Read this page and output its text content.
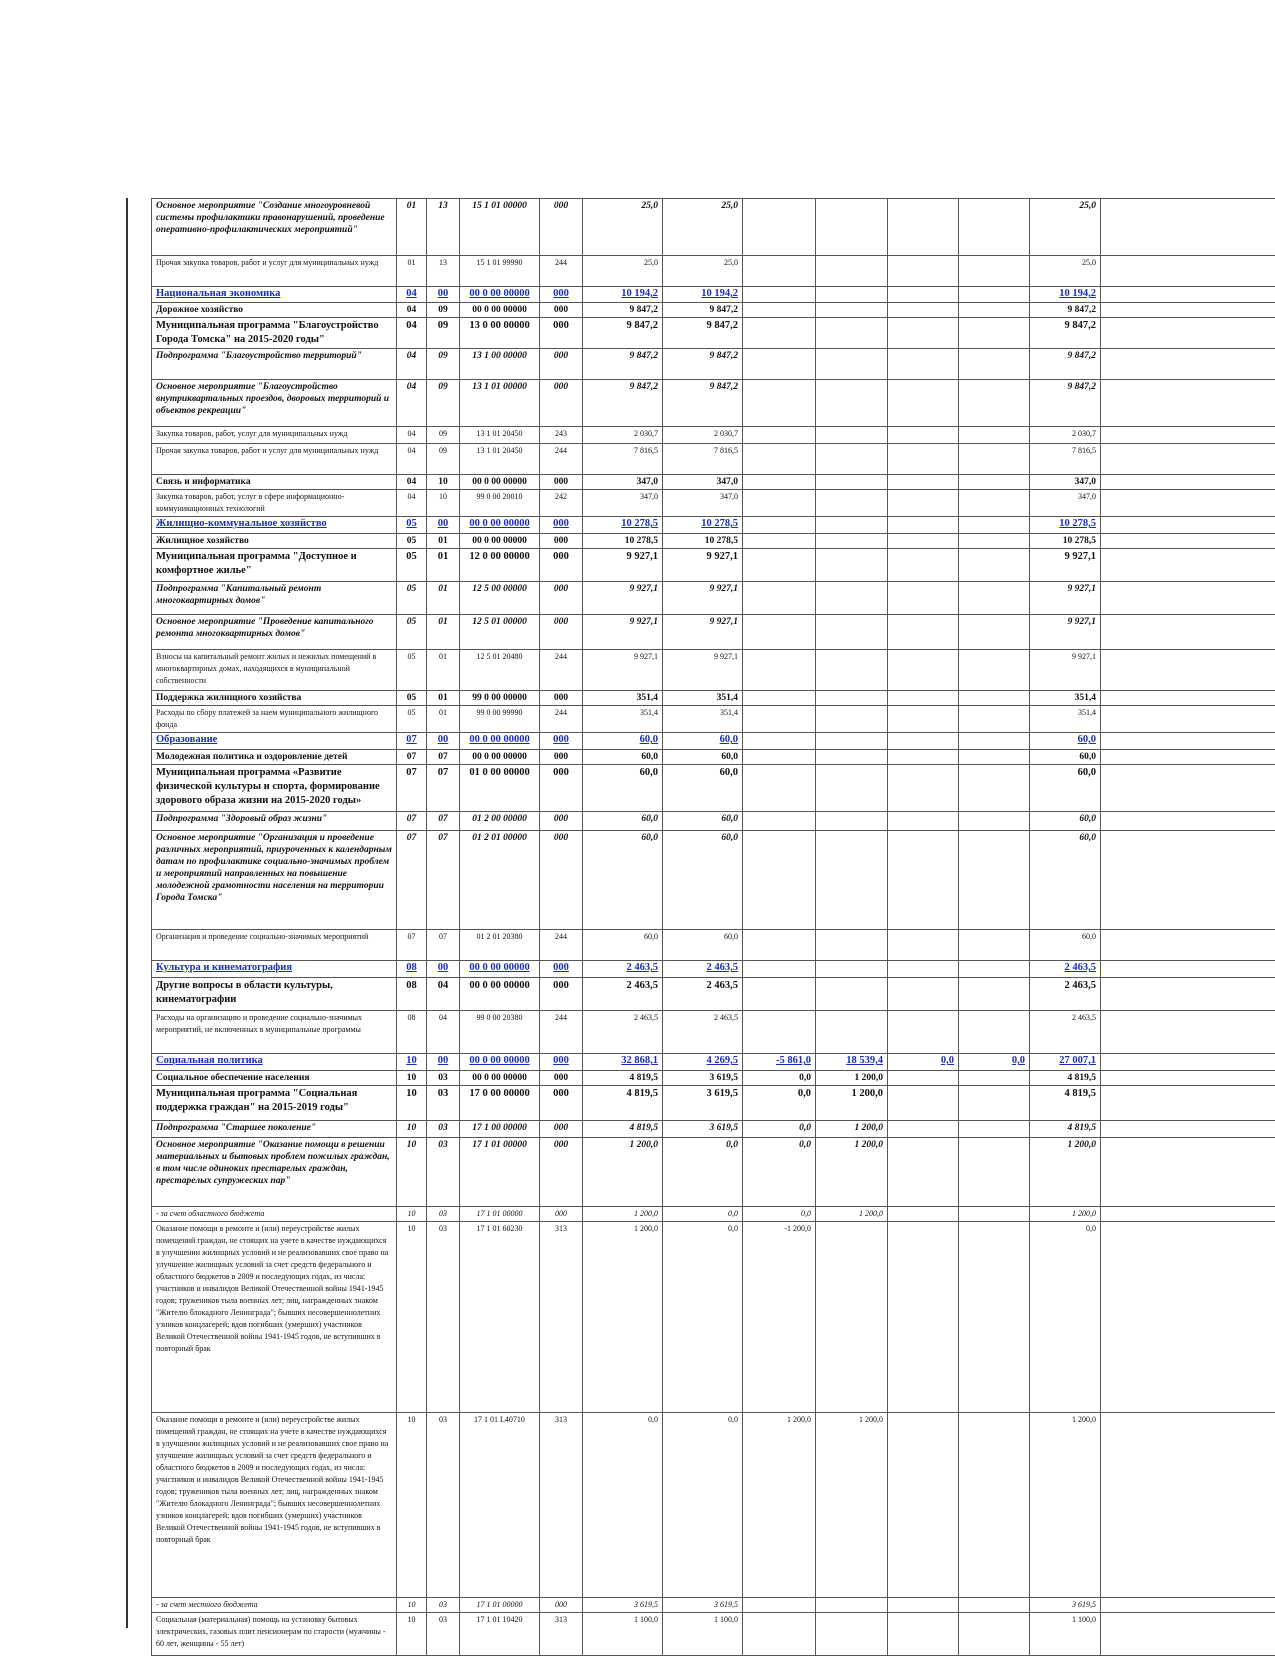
Основное мероприятие "Создание многоуровневой системы профилактики правонарушений, проведение оперативно-профилактических мероприятий"	01	13	15 1 01 00000	000	25,0	25,0					25,0	
Прочая закупка товаров, работ и услуг для муниципальных нужд	01	13	15 1 01 99990	244	25,0	25,0					25,0	
Национальная экономика	04	00	00 0 00 00000	000	10 194,2	10 194,2					10 194,2	
Дорожное хозяйство	04	09	00 0 00 00000	000	9 847,2	9 847,2					9 847,2	
Муниципальная программа "Благоустройство Города Томска" на 2015-2020 годы"	04	09	13 0 00 00000	000	9 847,2	9 847,2					9 847,2	
Подпрограмма "Благоустройство территорий"	04	09	13 1 00 00000	000	9 847,2	9 847,2					9 847,2	
Основное мероприятие "Благоустройство внутриквартальных проездов, дворовых территорий и объектов рекреации"	04	09	13 1 01 00000	000	9 847,2	9 847,2					9 847,2	
Закупка товаров, работ, услуг для муниципальных нужд	04	09	13 1 01 20450	243	2 030,7	2 030,7					2 030,7	
Прочая закупка товаров, работ и услуг для муниципальных нужд	04	09	13 1 01 20450	244	7 816,5	7 816,5					7 816,5	
Связь и информатика	04	10	00 0 00 00000	000	347,0	347,0					347,0	
Закупка товаров, работ, услуг в сфере информационно-коммуникационных технологий	04	10	99 0 00 20010	242	347,0	347,0					347,0	
Жилищно-коммунальное хозяйство	05	00	00 0 00 00000	000	10 278,5	10 278,5					10 278,5	
Жилищное хозяйство	05	01	00 0 00 00000	000	10 278,5	10 278,5					10 278,5	
Муниципальная программа "Доступное и комфортное жилье"	05	01	12 0 00 00000	000	9 927,1	9 927,1					9 927,1	
Подпрограмма "Капитальный ремонт многоквартирных домов"	05	01	12 5 00 00000	000	9 927,1	9 927,1					9 927,1	
Основное мероприятие "Проведение капитального ремонта многоквартирных домов"	05	01	12 5 01 00000	000	9 927,1	9 927,1					9 927,1	
Взносы на капитальный ремонт жилых и нежилых помещений в многоквартирных домах, находящихся в муниципальной собственности	05	01	12 5 01 20480	244	9 927,1	9 927,1					9 927,1	
Поддержка жилищного хозяйства	05	01	99 0 00 00000	000	351,4	351,4					351,4	
Расходы по сбору платежей за наем муниципального жилищного фонда	05	01	99 0 00 99990	244	351,4	351,4					351,4	
Образование	07	00	00 0 00 00000	000	60,0	60,0					60,0	
Молодежная политика и оздоровление детей	07	07	00 0 00 00000	000	60,0	60,0					60,0	
Муниципальная программа «Развитие физической культуры и спорта, формирование здорового образа жизни на 2015-2020 годы»	07	07	01 0 00 00000	000	60,0	60,0					60,0	
Подпрограмма "Здоровый образ жизни"	07	07	01 2 00 00000	000	60,0	60,0					60,0	
Основное мероприятие "Организация и проведение различных мероприятий, приуроченных к календарным датам по профилактике социально-значимых проблем и мероприятий направленных на повышение молодежной грамотности населения на территории Города Томска"	07	07	01 2 01 00000	000	60,0	60,0					60,0	
Организация и проведение социально-значимых мероприятий	07	07	01 2 01 20380	244	60,0	60,0					60,0	
Культура и кинематография	08	00	00 0 00 00000	000	2 463,5	2 463,5					2 463,5	
Другие вопросы в области культуры, кинематографии	08	04	00 0 00 00000	000	2 463,5	2 463,5					2 463,5	
Расходы на организацию и проведение социально-значимых мероприятий, не включенных в муниципальные программы	08	04	99 0 00 20380	244	2 463,5	2 463,5					2 463,5	
Социальная политика	10	00	00 0 00 00000	000	32 868,1	4 269,5	-5 861,0	18 539,4	0,0	0,0	27 007,1	
Социальное обеспечение населения	10	03	00 0 00 00000	000	4 819,5	3 619,5	0,0	1 200,0			4 819,5	
Муниципальная программа "Социальная поддержка граждан" на 2015-2019 годы"	10	03	17 0 00 00000	000	4 819,5	3 619,5	0,0	1 200,0			4 819,5	
Подпрограмма "Старшее поколение"	10	03	17 1 00 00000	000	4 819,5	3 619,5	0,0	1 200,0			4 819,5	
Основное мероприятие "Оказание помощи в решении материальных и бытовых проблем пожилых граждан, в том числе одиноких престарелых граждан, престарелых супружеских пар"	10	03	17 1 01 00000	000	1 200,0	0,0	0,0	1 200,0			1 200,0	
- за счет областного бюджета	10	03	17 1 01 00000	000	1 200,0	0,0	0,0	1 200,0			1 200,0	
Оказание помощи в ремонте и (или) переустройстве жилых помещений граждан, не стоящих на учете в качестве нуждающихся в улучшении жилищных условий и не реализовавших свое право на улучшение жилищных условий за счет средств федерального и областного бюджетов в 2009 и последующих годах, из числа: участников и инвалидов Великой Отечественной войны 1941-1945 годов; тружеников тыла военных лет; лиц, награжденных знаком "Жителю блокадного Ленинграда"; бывших несовершеннолетних узников концлагерей; вдов погибших (умерших) участников Великой Отечественной войны 1941-1945 годов, не вступивших в повторный брак	10	03	17 1 01 60230	313	1 200,0	0,0	-1 200,0				0,0	
Оказание помощи в ремонте и (или) переустройстве жилых помещений граждан, не стоящих на учете в качестве нуждающихся в улучшении жилищных условий и не реализовавших свое право на улучшение жилищных условий за счет средств федерального и областного бюджетов в 2009 и последующих годах, из числа: участников и инвалидов Великой Отечественной войны 1941-1945 годов; тружеников тыла военных лет; лиц, награжденных знаком "Жителю блокадного Ленинграда"; бывших несовершеннолетних узников концлагерей; вдов погибших (умерших) участников Великой Отечественной войны 1941-1945 годов, не вступивших в повторный брак	10	03	17 1 01 L40710	313	0,0	0,0	1 200,0	1 200,0			1 200,0	
- за счет местного бюджета	10	03	17 1 01 00000	000	3 619,5	3 619,5					3 619,5	
Социальная (материальная) помощь на установку бытовых электрических, газовых плит пенсионерам по старости (мужчины - 60 лет, женщины - 55 лет)	10	03	17 1 01 10420	313	1 100,0	1 100,0					1 100,0	
